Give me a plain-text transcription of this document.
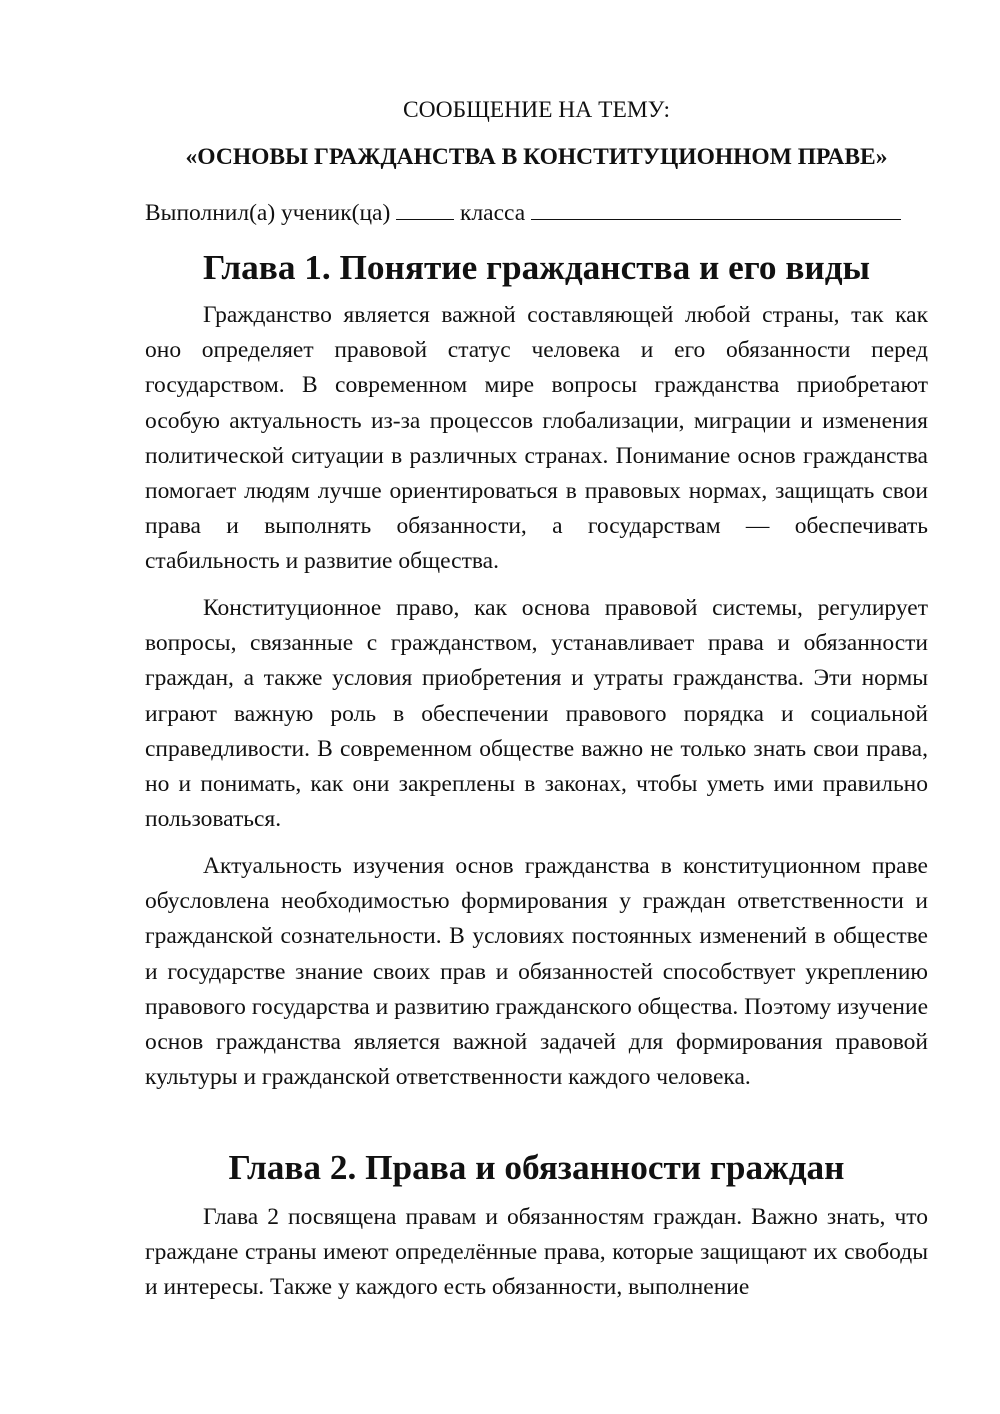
СООБЩЕНИЕ НА ТЕМУ:

«ОСНОВЫ ГРАЖДАНСТВА В КОНСТИТУЦИОННОМ ПРАВЕ»

Выполнил(а) ученик(ца)	класса
Глава 1. Понятие гражданства и его виды

Гражданство является важной составляющей любой страны, так как оно определяет правовой статус человека и его обязанности перед государством. В современном мире вопросы гражданства приобретают особую актуальность из-за процессов глобализации, миграции и изменения политической ситуации в различных странах. Понимание основ гражданства помогает людям лучше ориентироваться в правовых нормах, защищать свои права и выполнять обязанности, а государствам — обеспечивать стабильность и развитие общества.

Конституционное право, как основа правовой системы, регулирует вопросы, связанные с гражданством, устанавливает права и обязанности граждан, а также условия приобретения и утраты гражданства. Эти нормы играют важную роль в обеспечении правового порядка и социальной справедливости. В современном обществе важно не только знать свои права, но и понимать, как они закреплены в законах, чтобы уметь ими правильно пользоваться.

Актуальность изучения основ гражданства в конституционном праве обусловлена необходимостью формирования у граждан ответственности и гражданской сознательности. В условиях постоянных изменений в обществе и государстве знание своих прав и обязанностей способствует укреплению правового государства и развитию гражданского общества. Поэтому изучение основ гражданства является важной задачей для формирования правовой культуры и гражданской ответственности каждого человека.

Глава 2. Права и обязанности граждан

Глава 2 посвящена правам и обязанностям граждан. Важно знать, что граждане страны имеют определённые права, которые защищают их свободы и интересы. Также у каждого есть обязанности, выполнение
